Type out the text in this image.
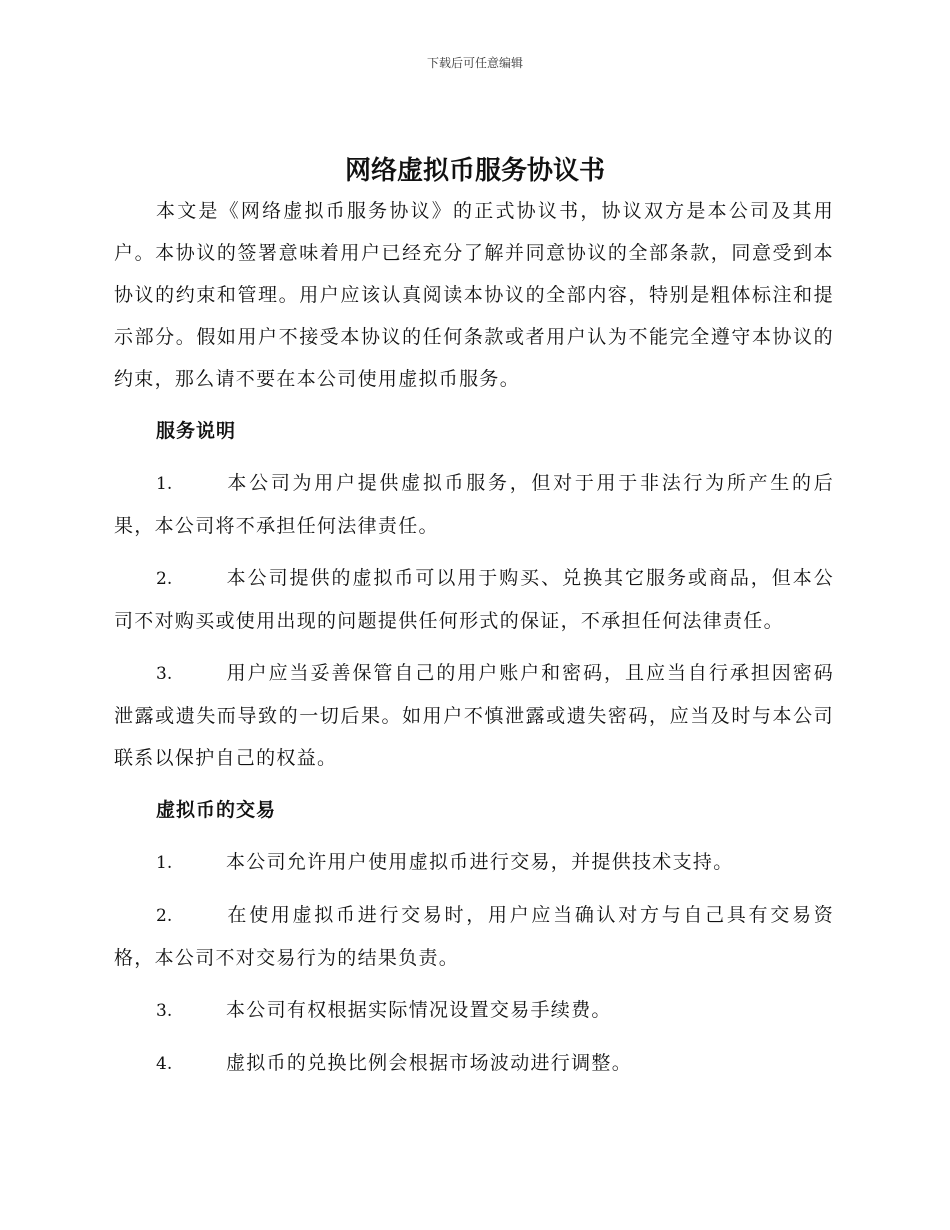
下载后可任意编辑
网络虚拟币服务协议书
本文是《网络虚拟币服务协议》的正式协议书，协议双方是本公司及其用户。本协议的签署意味着用户已经充分了解并同意协议的全部条款，同意受到本协议的约束和管理。用户应该认真阅读本协议的全部内容，特别是粗体标注和提示部分。假如用户不接受本协议的任何条款或者用户认为不能完全遵守本协议的约束，那么请不要在本公司使用虚拟币服务。
服务说明
1.	本公司为用户提供虚拟币服务，但对于用于非法行为所产生的后果，本公司将不承担任何法律责任。
2.	本公司提供的虚拟币可以用于购买、兑换其它服务或商品，但本公司不对购买或使用出现的问题提供任何形式的保证，不承担任何法律责任。
3.	用户应当妥善保管自己的用户账户和密码，且应当自行承担因密码泄露或遗失而导致的一切后果。如用户不慎泄露或遗失密码，应当及时与本公司联系以保护自己的权益。
虚拟币的交易
1.	本公司允许用户使用虚拟币进行交易，并提供技术支持。
2.	在使用虚拟币进行交易时，用户应当确认对方与自己具有交易资格，本公司不对交易行为的结果负责。
3.	本公司有权根据实际情况设置交易手续费。
4.	虚拟币的兑换比例会根据市场波动进行调整。
